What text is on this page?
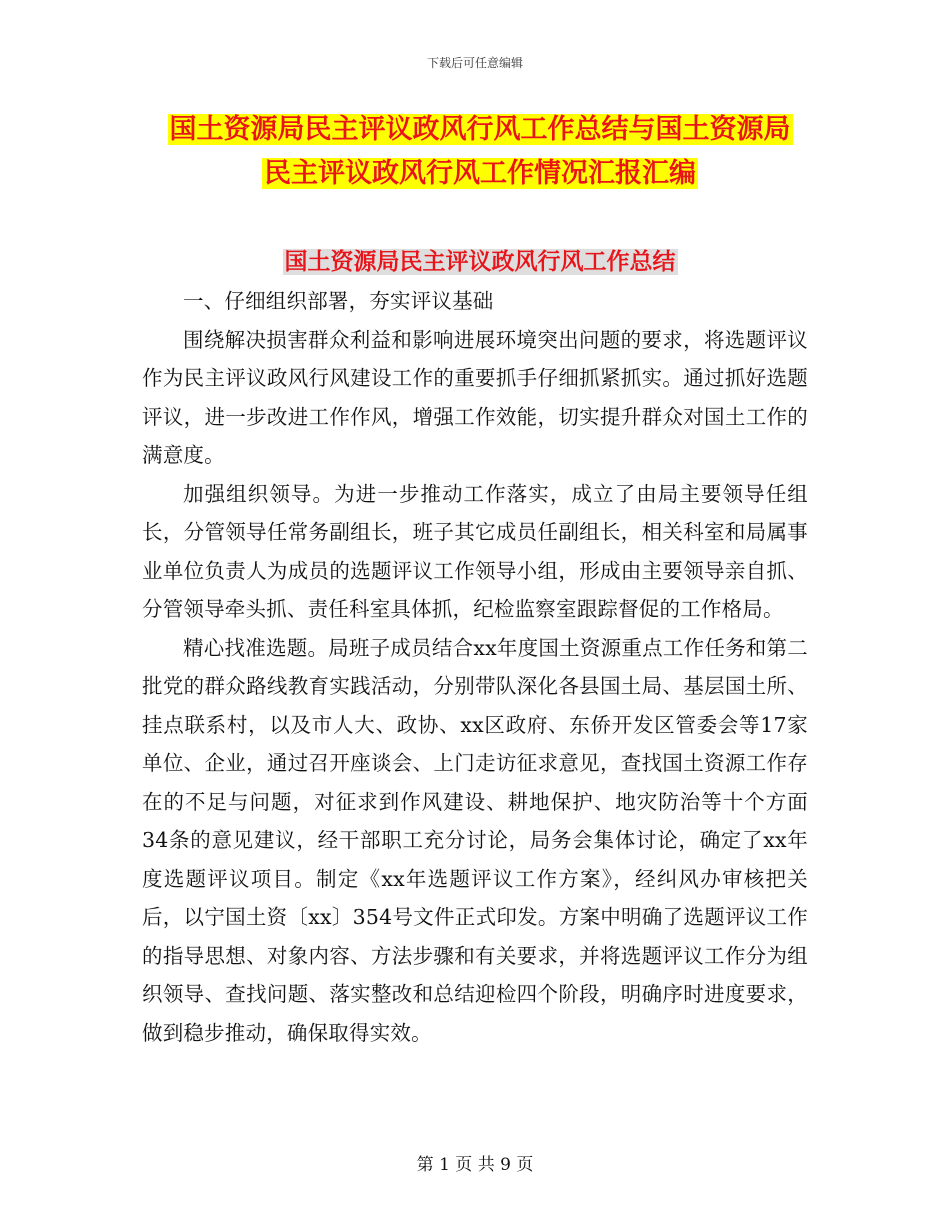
下载后可任意编辑
国土资源局民主评议政风行风工作总结与国土资源局
民主评议政风行风工作情况汇报汇编
国土资源局民主评议政风行风工作总结

一、仔细组织部署，夯实评议基础

围绕解决损害群众利益和影响进展环境突出问题的要求，将选题评议作为民主评议政风行风建设工作的重要抓手仔细抓紧抓实。通过抓好选题评议，进一步改进工作作风，增强工作效能，切实提升群众对国土工作的满意度。

加强组织领导。为进一步推动工作落实，成立了由局主要领导任组长，分管领导任常务副组长，班子其它成员任副组长，相关科室和局属事业单位负责人为成员的选题评议工作领导小组，形成由主要领导亲自抓、分管领导牵头抓、责任科室具体抓，纪检监察室跟踪督促的工作格局。

精心找准选题。局班子成员结合xx年度国土资源重点工作任务和第二批党的群众路线教育实践活动，分别带队深化各县国土局、基层国土所、挂点联系村，以及市人大、政协、xx区政府、东侨开发区管委会等17家单位、企业，通过召开座谈会、上门走访征求意见，查找国土资源工作存在的不足与问题，对征求到作风建设、耕地保护、地灾防治等十个方面34条的意见建议，经干部职工充分讨论，局务会集体讨论，确定了xx年度选题评议项目。制定《xx年选题评议工作方案》，经纠风办审核把关后，以宁国土资〔xx〕354号文件正式印发。方案中明确了选题评议工作的指导思想、对象内容、方法步骤和有关要求，并将选题评议工作分为组织领导、查找问题、落实整改和总结迎检四个阶段，明确序时进度要求，做到稳步推动，确保取得实效。

第 1 页 共 9 页
